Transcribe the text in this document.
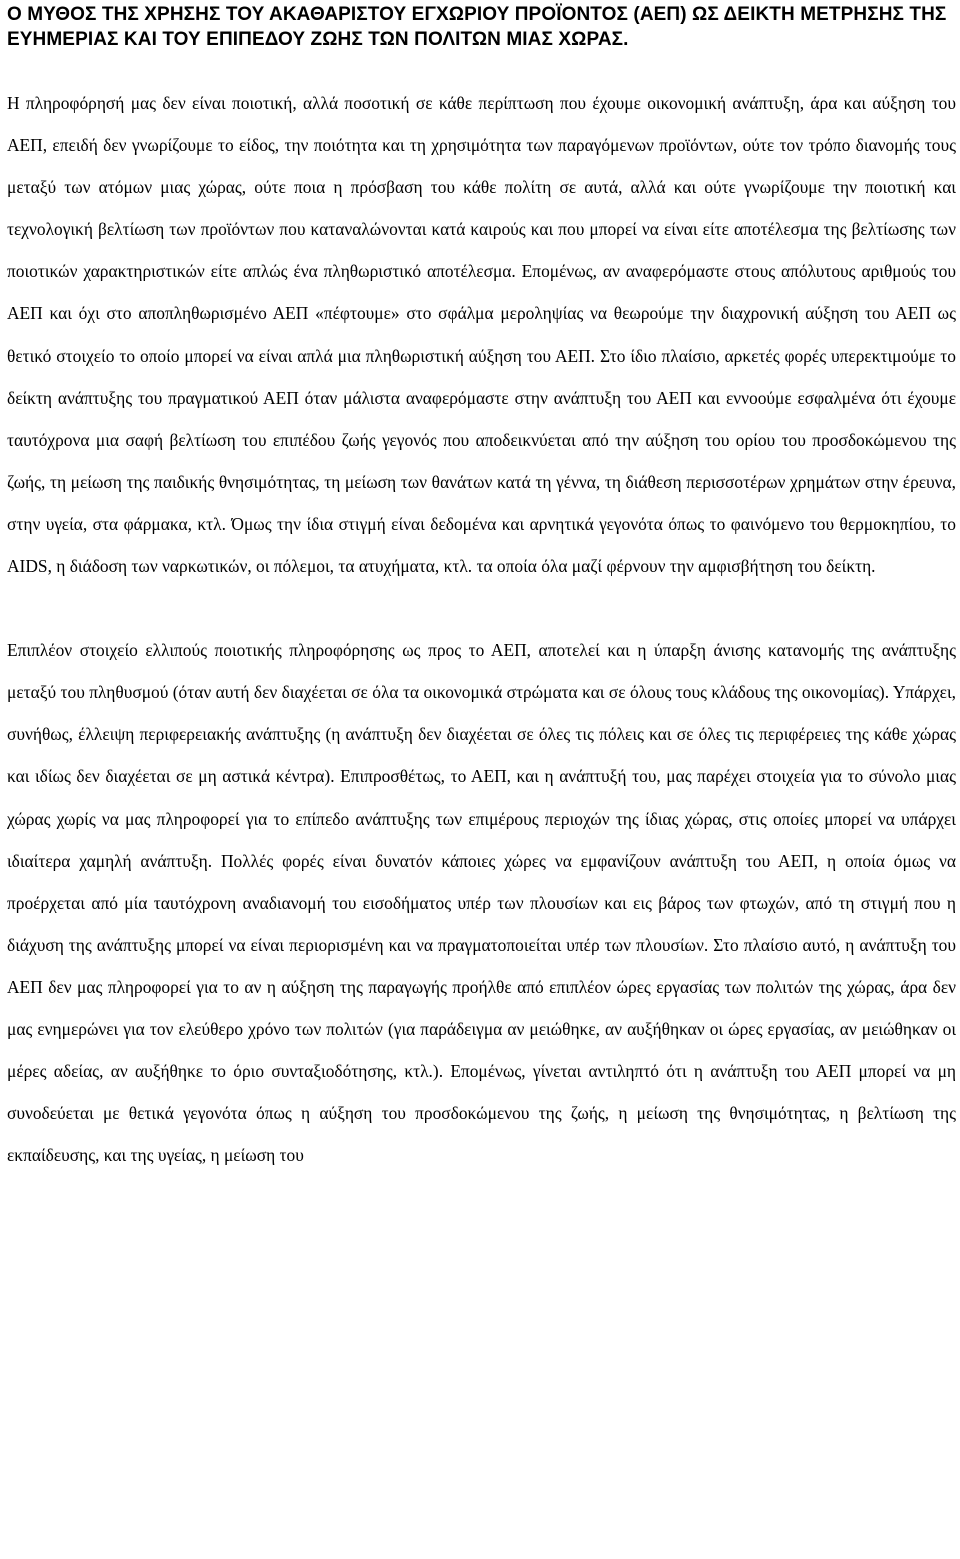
Ο ΜΥΘΟΣ ΤΗΣ ΧΡΗΣΗΣ ΤΟΥ ΑΚΑΘΑΡΙΣΤΟΥ ΕΓΧΩΡΙΟΥ ΠΡΟΪΟΝΤΟΣ (ΑΕΠ) ΩΣ ΔΕΙΚΤΗ ΜΕΤΡΗΣΗΣ ΤΗΣ ΕΥΗΜΕΡΙΑΣ ΚΑΙ ΤΟΥ ΕΠΙΠΕΔΟΥ ΖΩΗΣ ΤΩΝ ΠΟΛΙΤΩΝ ΜΙΑΣ ΧΩΡΑΣ.

Η πληροφόρησή μας δεν είναι ποιοτική, αλλά ποσοτική σε κάθε περίπτωση που έχουμε οικονομική ανάπτυξη, άρα και αύξηση του ΑΕΠ, επειδή δεν γνωρίζουμε το είδος, την ποιότητα και τη χρησιμότητα των παραγόμενων προϊόντων, ούτε τον τρόπο διανομής τους μεταξύ των ατόμων μιας χώρας, ούτε ποια η πρόσβαση του κάθε πολίτη σε αυτά, αλλά και ούτε γνωρίζουμε την ποιοτική και τεχνολογική βελτίωση των προϊόντων που καταναλώνονται κατά καιρούς και που μπορεί να είναι είτε αποτέλεσμα της βελτίωσης των ποιοτικών χαρακτηριστικών είτε απλώς ένα πληθωριστικό αποτέλεσμα. Επομένως, αν αναφερόμαστε στους απόλυτους αριθμούς του ΑΕΠ και όχι στο αποπληθωρισμένο ΑΕΠ «πέφτουμε» στο σφάλμα μεροληψίας να θεωρούμε την διαχρονική αύξηση του ΑΕΠ ως θετικό στοιχείο το οποίο μπορεί να είναι απλά μια πληθωριστική αύξηση του ΑΕΠ. Στο ίδιο πλαίσιο, αρκετές φορές υπερεκτιμούμε το δείκτη ανάπτυξης του πραγματικού ΑΕΠ όταν μάλιστα αναφερόμαστε στην ανάπτυξη του ΑΕΠ και εννοούμε εσφαλμένα ότι έχουμε ταυτόχρονα μια σαφή βελτίωση του επιπέδου ζωής γεγονός που αποδεικνύεται από την αύξηση του ορίου του προσδοκώμενου της ζωής, τη μείωση της παιδικής θνησιμότητας, τη μείωση των θανάτων κατά τη γέννα, τη διάθεση περισσοτέρων χρημάτων στην έρευνα, στην υγεία, στα φάρμακα, κτλ. Όμως την ίδια στιγμή είναι δεδομένα και αρνητικά γεγονότα όπως το φαινόμενο του θερμοκηπίου, το AIDS, η διάδοση των ναρκωτικών, οι πόλεμοι, τα ατυχήματα, κτλ. τα οποία όλα μαζί φέρνουν την αμφισβήτηση του δείκτη.

Επιπλέον στοιχείο ελλιπούς ποιοτικής πληροφόρησης ως προς το ΑΕΠ, αποτελεί και η ύπαρξη άνισης κατανομής της ανάπτυξης μεταξύ του πληθυσμού (όταν αυτή δεν διαχέεται σε όλα τα οικονομικά στρώματα και σε όλους τους κλάδους της οικονομίας). Υπάρχει, συνήθως, έλλειψη περιφερειακής ανάπτυξης (η ανάπτυξη δεν διαχέεται σε όλες τις πόλεις και σε όλες τις περιφέρειες της κάθε χώρας και ιδίως δεν διαχέεται σε μη αστικά κέντρα). Επιπροσθέτως, το ΑΕΠ, και η ανάπτυξή του, μας παρέχει στοιχεία για το σύνολο μιας χώρας χωρίς να μας πληροφορεί για το επίπεδο ανάπτυξης των επιμέρους περιοχών της ίδιας χώρας, στις οποίες μπορεί να υπάρχει ιδιαίτερα χαμηλή ανάπτυξη. Πολλές φορές είναι δυνατόν κάποιες χώρες να εμφανίζουν ανάπτυξη του ΑΕΠ, η οποία όμως να προέρχεται από μία ταυτόχρονη αναδιανομή του εισοδήματος υπέρ των πλουσίων και εις βάρος των φτωχών, από τη στιγμή που η διάχυση της ανάπτυξης μπορεί να είναι περιορισμένη και να πραγματοποιείται υπέρ των πλουσίων. Στο πλαίσιο αυτό, η ανάπτυξη του ΑΕΠ δεν μας πληροφορεί για το αν η αύξηση της παραγωγής προήλθε από επιπλέον ώρες εργασίας των πολιτών της χώρας, άρα δεν μας ενημερώνει για τον ελεύθερο χρόνο των πολιτών (για παράδειγμα αν μειώθηκε, αν αυξήθηκαν οι ώρες εργασίας, αν μειώθηκαν οι μέρες αδείας, αν αυξήθηκε το όριο συνταξιοδότησης, κτλ.). Επομένως, γίνεται αντιληπτό ότι η ανάπτυξη του ΑΕΠ μπορεί να μη συνοδεύεται με θετικά γεγονότα όπως η αύξηση του προσδοκώμενου της ζωής, η μείωση της θνησιμότητας, η βελτίωση της εκπαίδευσης, και της υγείας, η μείωση του
